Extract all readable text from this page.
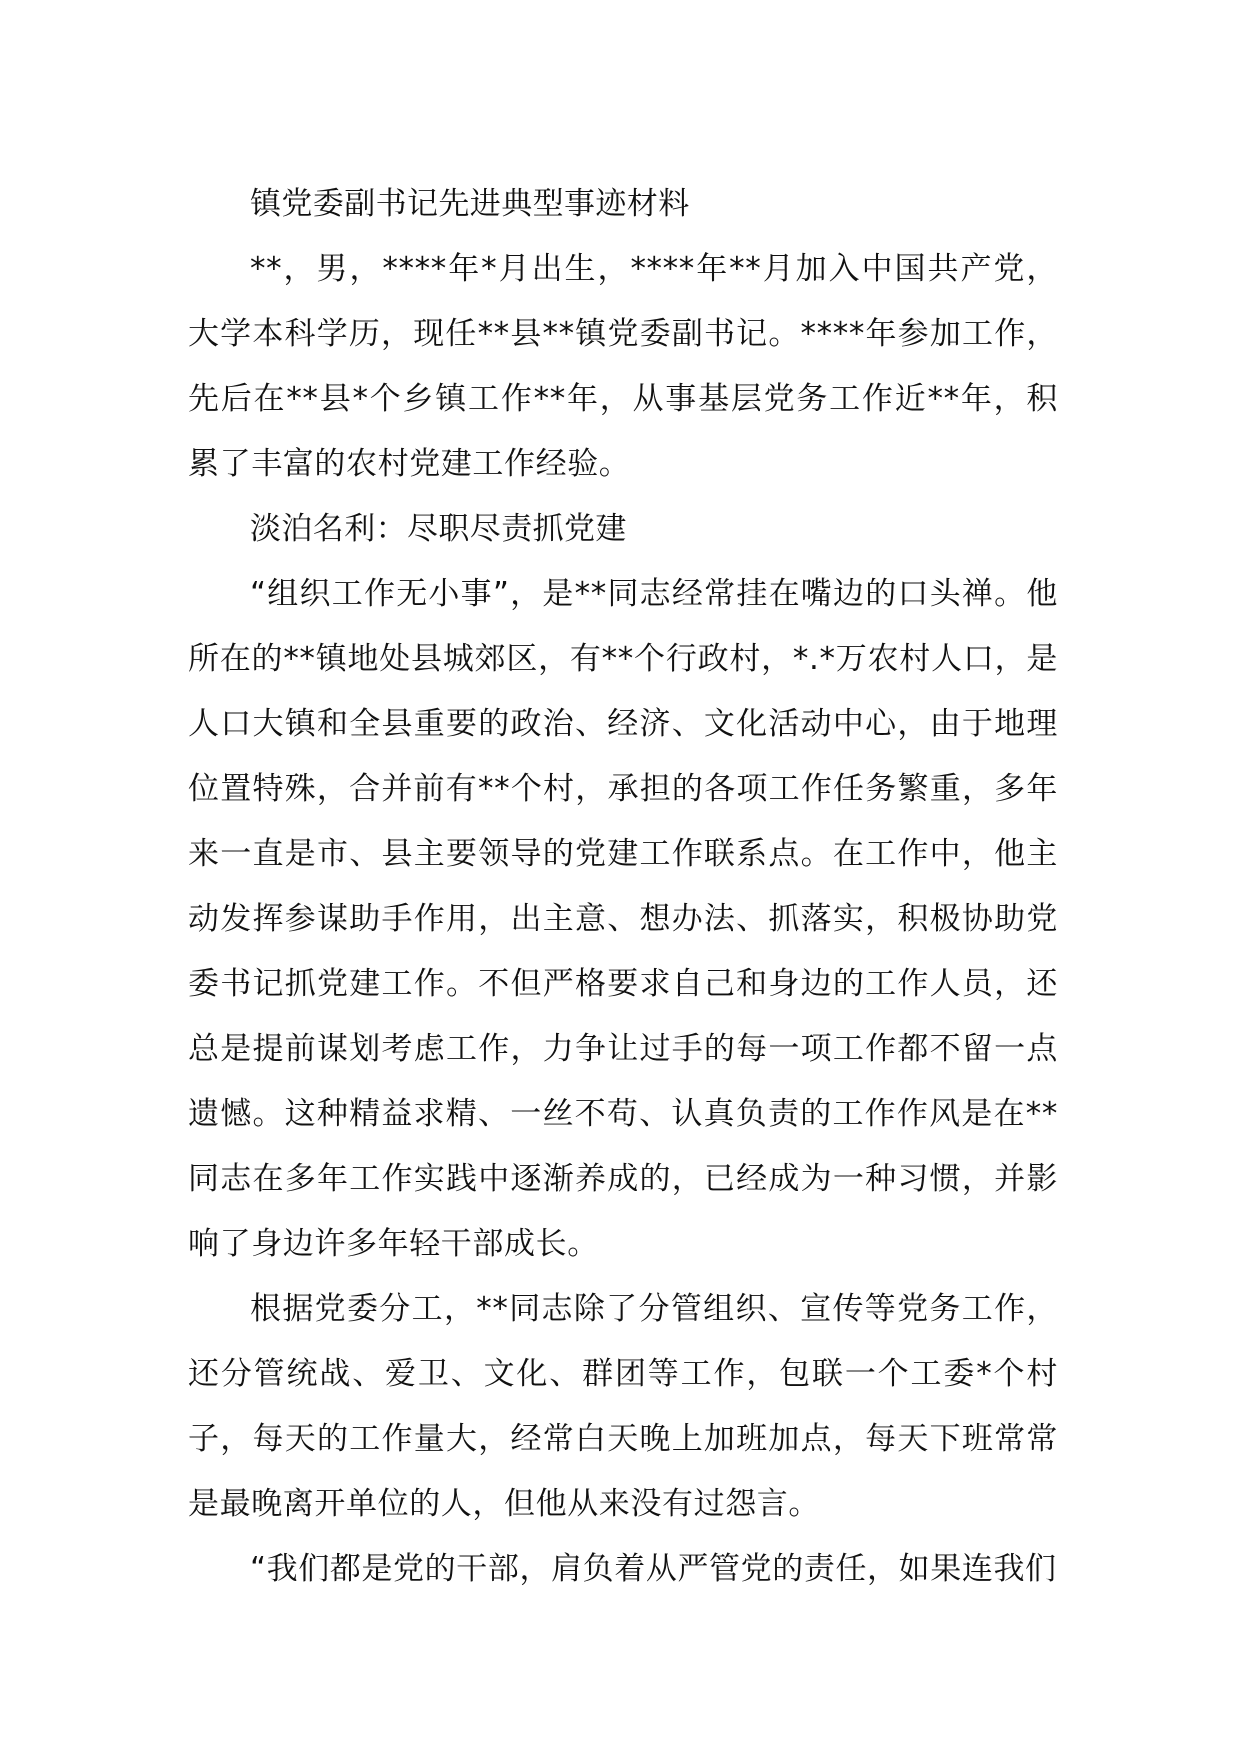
镇党委副书记先进典型事迹材料

**，男，****年*月出生，****年**月加入中国共产党，大学本科学历，现任**县**镇党委副书记。****年参加工作，先后在**县*个乡镇工作**年，从事基层党务工作近**年，积累了丰富的农村党建工作经验。

淡泊名利：尽职尽责抓党建

“组织工作无小事”，是**同志经常挂在嘴边的口头禅。他所在的**镇地处县城郊区，有**个行政村，*.*万农村人口，是人口大镇和全县重要的政治、经济、文化活动中心，由于地理位置特殊，合并前有**个村，承担的各项工作任务繁重，多年来一直是市、县主要领导的党建工作联系点。在工作中，他主动发挥参谋助手作用，出主意、想办法、抓落实，积极协助党委书记抓党建工作。不但严格要求自己和身边的工作人员，还总是提前谋划考虑工作，力争让过手的每一项工作都不留一点遗憾。这种精益求精、一丝不苟、认真负责的工作作风是在**同志在多年工作实践中逐渐养成的，已经成为一种习惯，并影响了身边许多年轻干部成长。

根据党委分工，**同志除了分管组织、宣传等党务工作，还分管统战、爱卫、文化、群团等工作，包联一个工委*个村子，每天的工作量大，经常白天晚上加班加点，每天下班常常是最晚离开单位的人，但他从来没有过怨言。

“我们都是党的干部，肩负着从严管党的责任，如果连我们
